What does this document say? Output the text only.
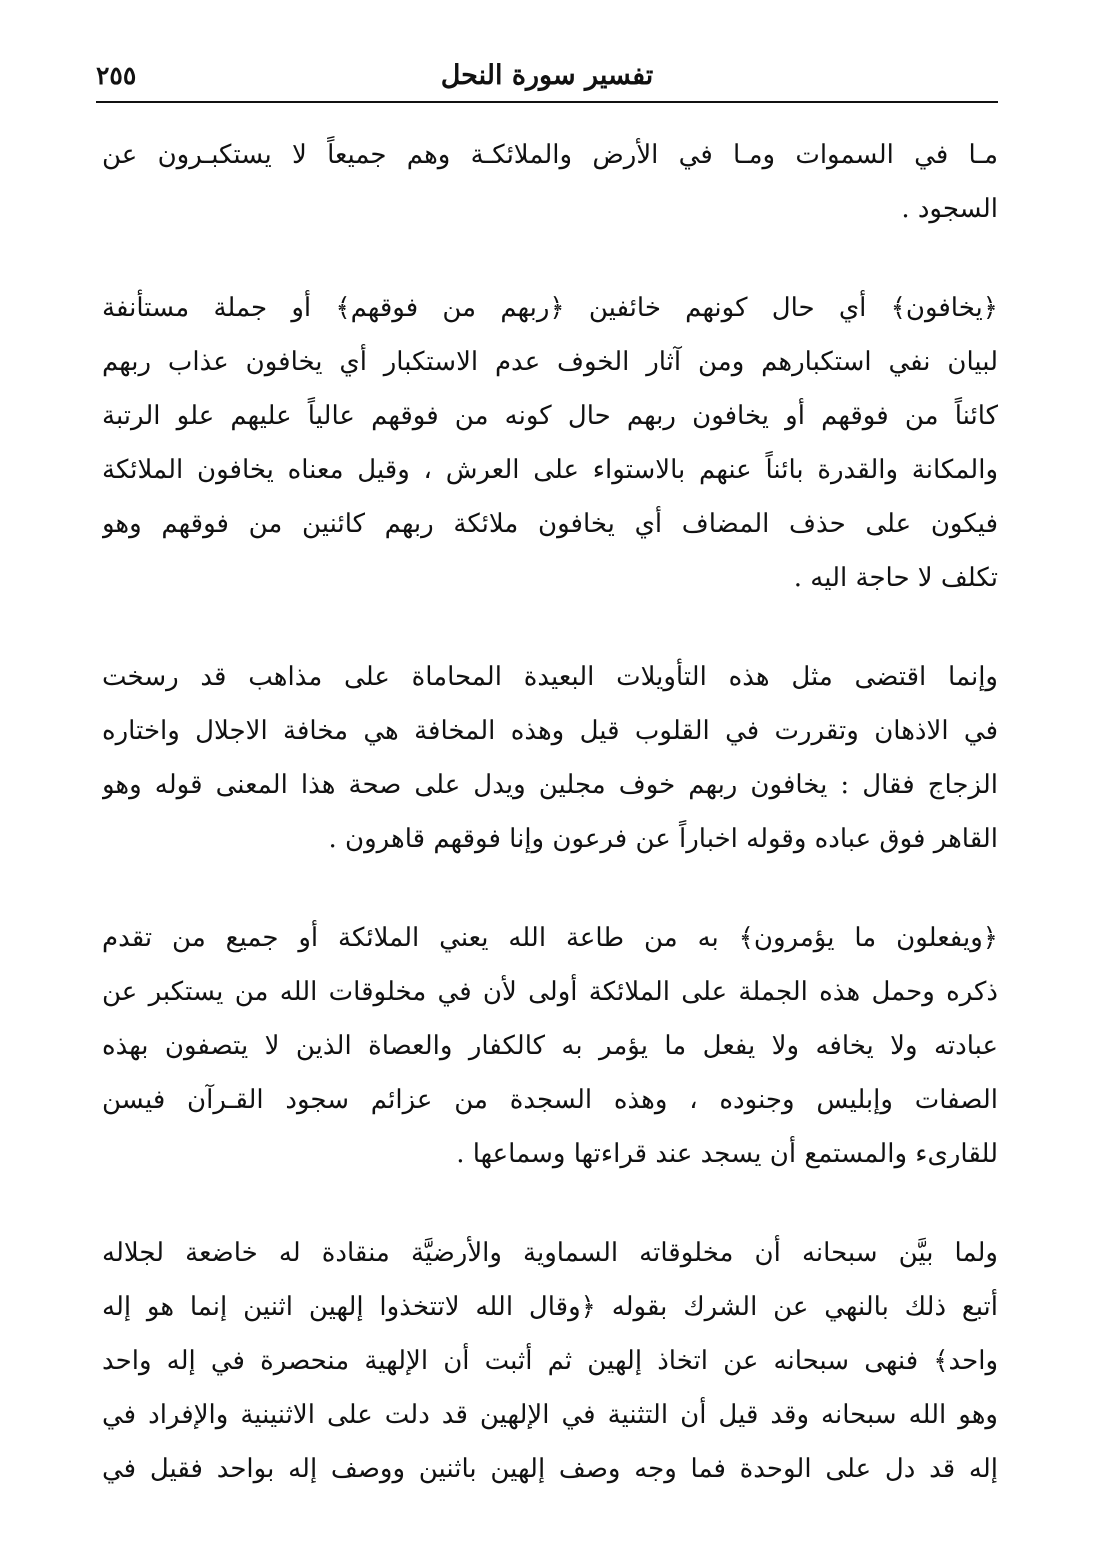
تفسير سورة النحل
٢٥٥
مـا في السموات ومـا في الأرض والملائكـة وهم جميعاً لا يستكبـرون عن
السجود .
﴿يخافون﴾ أي حال كونهم خائفين ﴿ربهم من فوقهم﴾ أو جملة مستأنفة
لبيان نفي استكبارهم ومن آثار الخوف عدم الاستكبار أي يخافون عذاب ربهم
كائناً من فوقهم أو يخافون ربهم حال كونه من فوقهم عالياً عليهم علو الرتبة
والمكانة والقدرة بائناً عنهم بالاستواء على العرش ، وقيل معناه يخافون الملائكة
فيكون على حذف المضاف أي يخافون ملائكة ربهم كائنين من فوقهم وهو
تكلف لا حاجة اليه .
وإنما اقتضى مثل هذه التأويلات البعيدة المحاماة على مذاهب قد رسخت
في الاذهان وتقررت في القلوب قيل وهذه المخافة هي مخافة الاجلال واختاره
الزجاج فقال : يخافون ربهم خوف مجلين ويدل على صحة هذا المعنى قوله وهو
القاهر فوق عباده وقوله اخباراً عن فرعون وإنا فوقهم قاهرون .
﴿ويفعلون ما يؤمرون﴾ به من طاعة الله يعني الملائكة أو جميع من تقدم
ذكره وحمل هذه الجملة على الملائكة أولى لأن في مخلوقات الله من يستكبر عن
عبادته ولا يخافه ولا يفعل ما يؤمر به كالكفار والعصاة الذين لا يتصفون بهذه
الصفات وإبليس وجنوده ، وهذه السجدة من عزائم سجود القـرآن فيسن
للقارىء والمستمع أن يسجد عند قراءتها وسماعها .
ولما بيَّن سبحانه أن مخلوقاته السماوية والأرضيَّة منقادة له خاضعة لجلاله
أتبع ذلك بالنهي عن الشرك بقوله ﴿وقال الله لاتتخذوا إلهين اثنين إنما هو إله
واحد﴾ فنهى سبحانه عن اتخاذ إلهين ثم أثبت أن الإلهية منحصرة في إله واحد
وهو الله سبحانه وقد قيل أن التثنية في الإلهين قد دلت على الاثنينية والإفراد في
إله قد دل على الوحدة فما وجه وصف إلهين باثنين ووصف إله بواحد فقيل في
